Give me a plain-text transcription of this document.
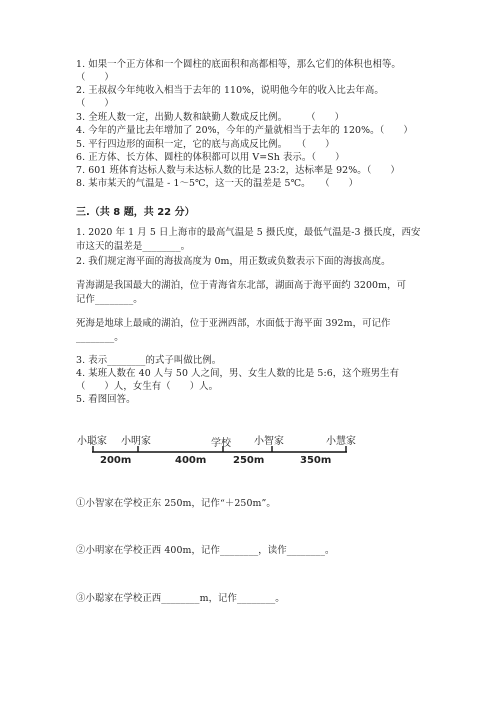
1. 如果一个正方体和一个圆柱的底面积和高都相等，那么它们的体积也相等。
（　　）
2. 王叔叔今年纯收入相当于去年的 110%，说明他今年的收入比去年高。
（　　）
3. 全班人数一定，出勤人数和缺勤人数成反比例。　　　（　　）
4. 今年的产量比去年增加了 20%，今年的产量就相当于去年的 120%。（　　）
5. 平行四边形的面积一定，它的底与高成反比例。　　（　　）
6. 正方体、长方体、圆柱的体积都可以用 V=Sh 表示。（　　）
7. 601 班体育达标人数与未达标人数的比是 23:2，达标率是 92%。（　　）
8. 某市某天的气温是 - 1～5℃，这一天的温差是 5℃。　　（　　）
三.（共 8 题，共 22 分）
1. 2020 年 1 月 5 日上海市的最高气温是 5 摄氏度，最低气温是-3 摄氏度，西安
市这天的温差是________。
2. 我们规定海平面的海拔高度为 0m，用正数或负数表示下面的海拔高度。
青海湖是我国最大的湖泊，位于青海省东北部，湖面高于海平面约 3200m，可
记作________。
死海是地球上最咸的湖泊，位于亚洲西部，水面低于海平面 392m，可记作
________。
3. 表示________的式子叫做比例。
4. 某班人数在 40 人与 50 人之间，男、女生人数的比是 5:6，这个班男生有
（　　）人，女生有（　　）人。
5. 看图回答。
小聪家 小明家	学校 小智家	小慧家
200m	400m	250m	350m
①小智家在学校正东 250m，记作“＋250m”。
②小明家在学校正西 400m，记作________，读作________。
③小聪家在学校正西________m，记作________。
